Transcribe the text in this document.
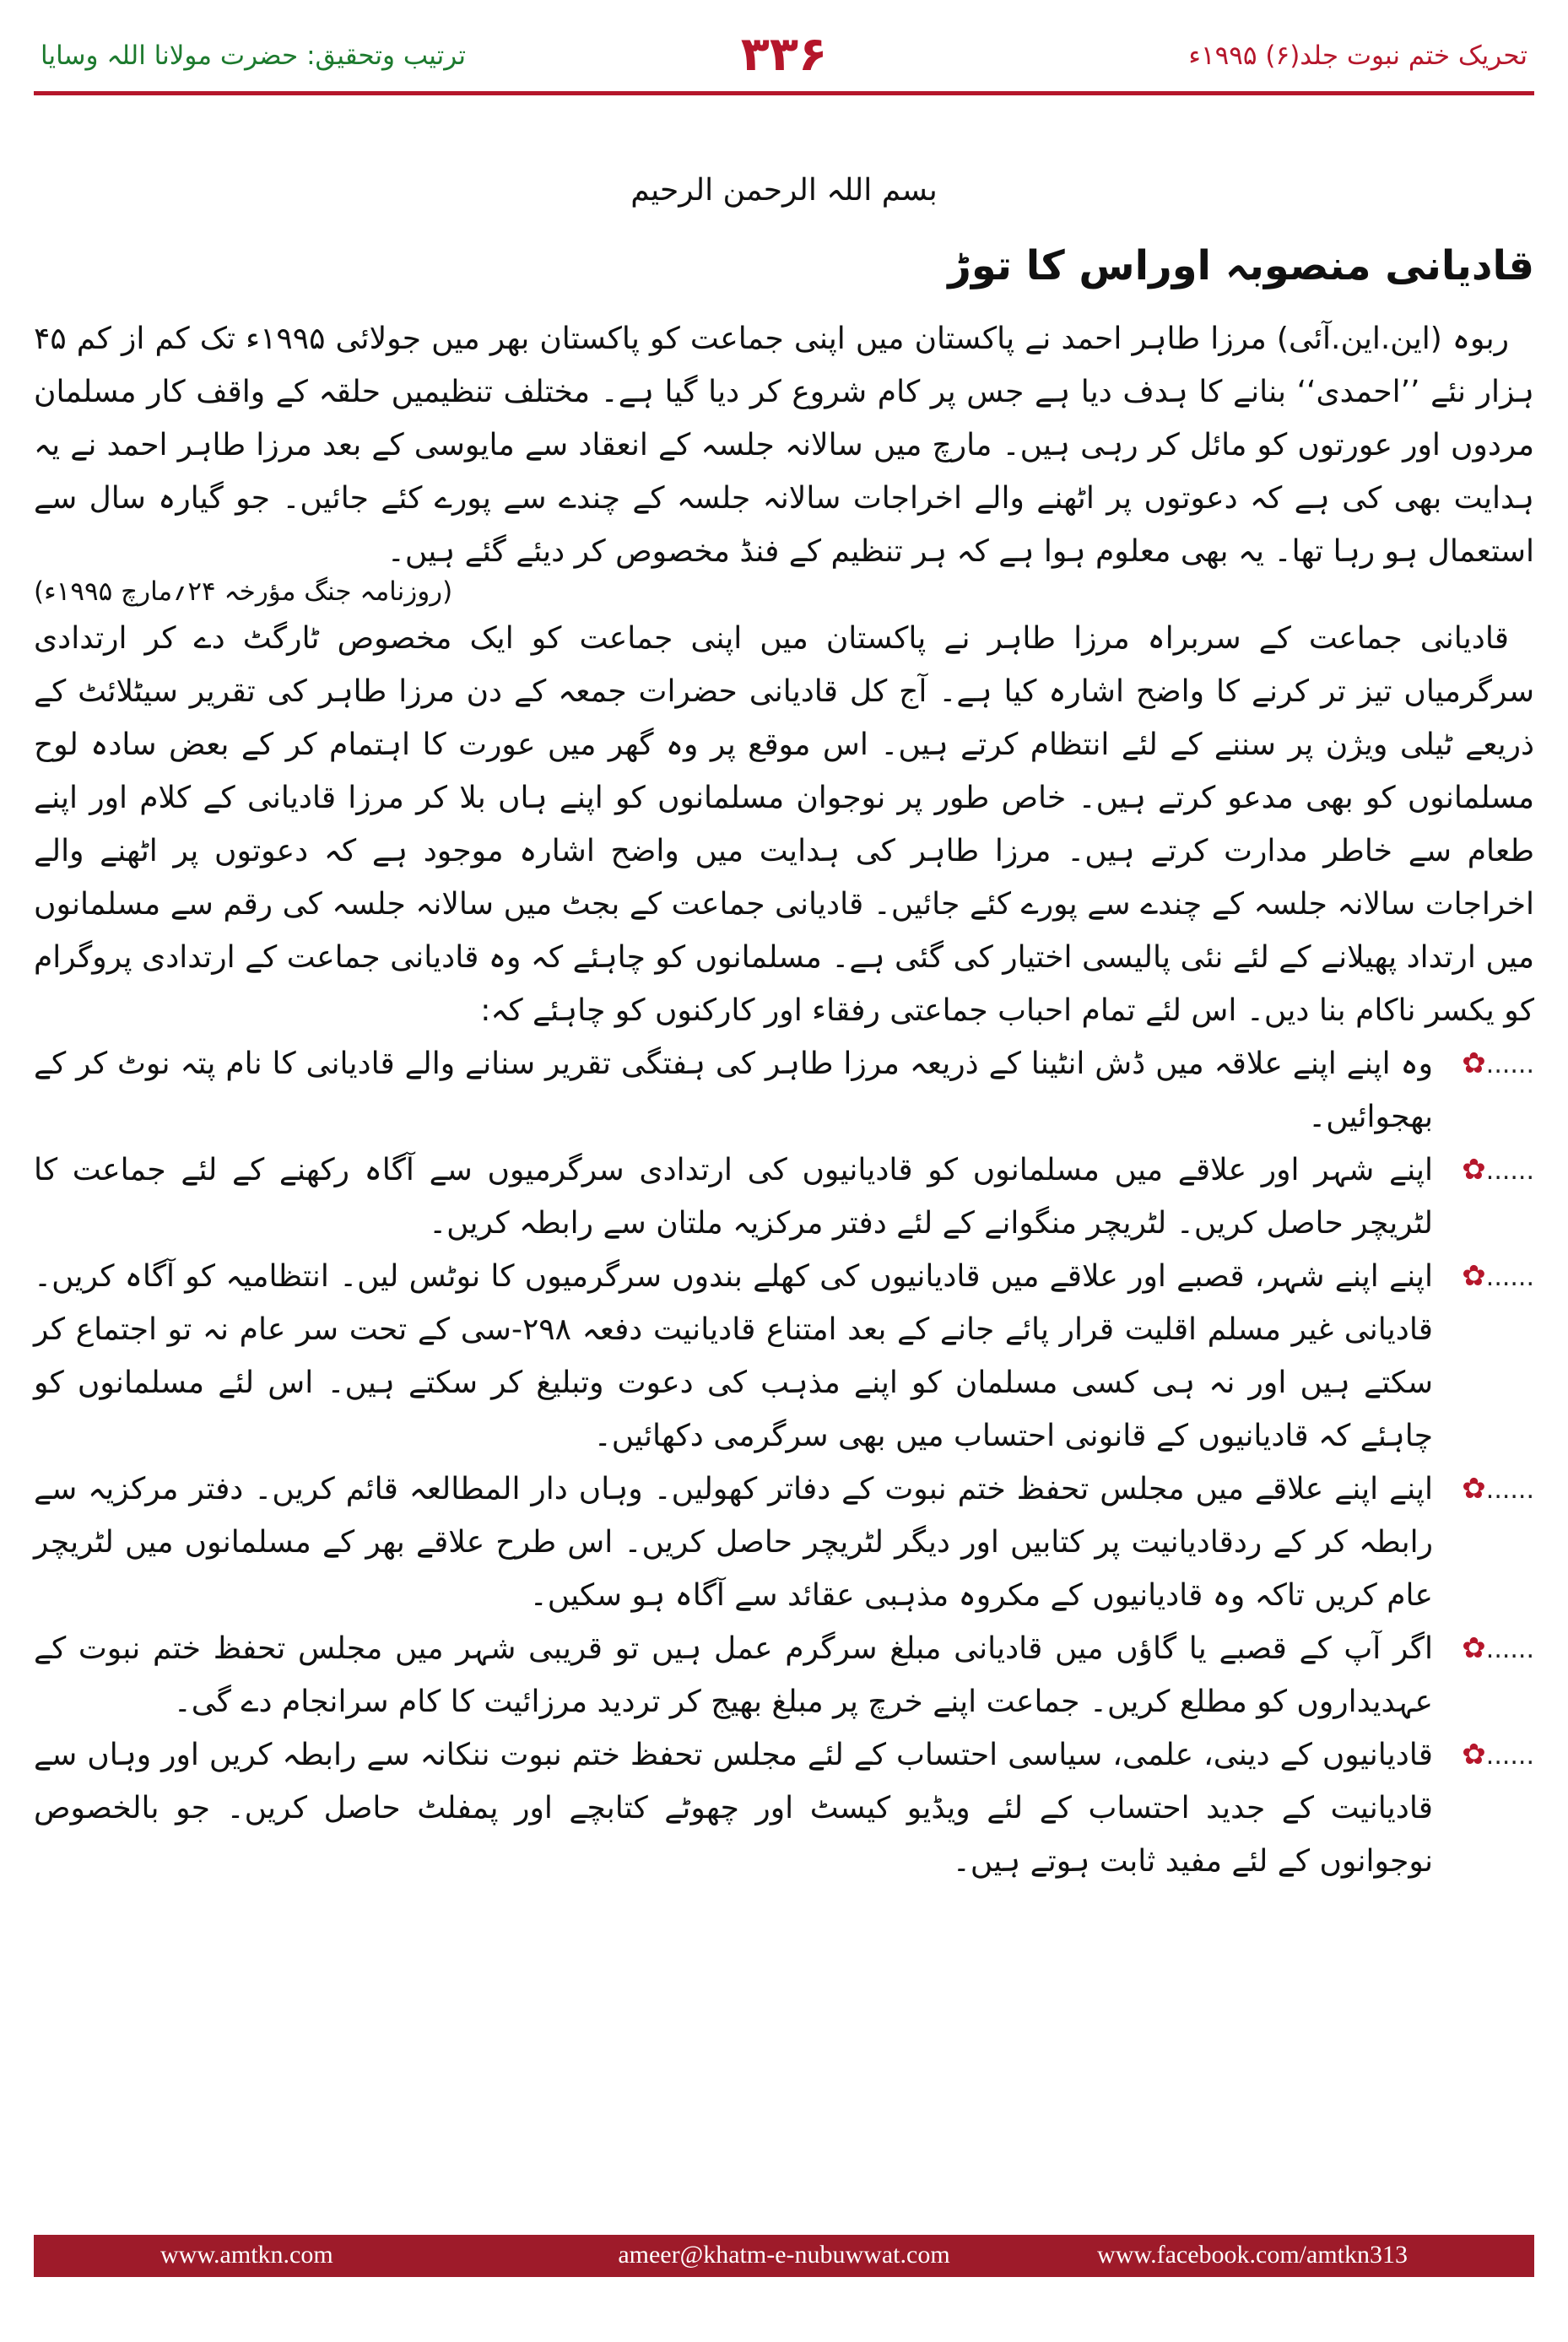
ترتیب وتحقیق: حضرت مولانا اللہ وسایا	۳۳۶	تحریک ختم نبوت جلد(۶) ۱۹۹۵ء
بسم اللہ الرحمن الرحیم
قادیانی منصوبہ اوراس کا توڑ

ربوہ (این.این.آئی) مرزا طاہر احمد نے پاکستان میں اپنی جماعت کو پاکستان بھر میں جولائی ۱۹۹۵ء تک کم از کم ۴۵ ہزار نئے ’’احمدی‘‘ بنانے کا ہدف دیا ہے جس پر کام شروع کر دیا گیا ہے۔ مختلف تنظیمیں حلقہ کے واقف کار مسلمان مردوں اور عورتوں کو مائل کر رہی ہیں۔ مارچ میں سالانہ جلسہ کے انعقاد سے مایوسی کے بعد مرزا طاہر احمد نے یہ ہدایت بھی کی ہے کہ دعوتوں پر اٹھنے والے اخراجات سالانہ جلسہ کے چندے سے پورے کئے جائیں۔ جو گیارہ سال سے استعمال ہو رہا تھا۔ یہ بھی معلوم ہوا ہے کہ ہر تنظیم کے فنڈ مخصوص کر دیئے گئے ہیں۔

(روزنامہ جنگ مؤرخہ ۲۴؍مارچ ۱۹۹۵ء)

قادیانی جماعت کے سربراہ مرزا طاہر نے پاکستان میں اپنی جماعت کو ایک مخصوص ٹارگٹ دے کر ارتدادی سرگرمیاں تیز تر کرنے کا واضح اشارہ کیا ہے۔ آج کل قادیانی حضرات جمعہ کے دن مرزا طاہر کی تقریر سیٹلائٹ کے ذریعے ٹیلی ویژن پر سننے کے لئے انتظام کرتے ہیں۔ اس موقع پر وہ گھر میں عورت کا اہتمام کر کے بعض سادہ لوح مسلمانوں کو بھی مدعو کرتے ہیں۔ خاص طور پر نوجوان مسلمانوں کو اپنے ہاں بلا کر مرزا قادیانی کے کلام اور اپنے طعام سے خاطر مدارت کرتے ہیں۔ مرزا طاہر کی ہدایت میں واضح اشارہ موجود ہے کہ دعوتوں پر اٹھنے والے اخراجات سالانہ جلسہ کے چندے سے پورے کئے جائیں۔ قادیانی جماعت کے بجٹ میں سالانہ جلسہ کی رقم سے مسلمانوں میں ارتداد پھیلانے کے لئے نئی پالیسی اختیار کی گئی ہے۔ مسلمانوں کو چاہئے کہ وہ قادیانی جماعت کے ارتدادی پروگرام کو یکسر ناکام بنا دیں۔ اس لئے تمام احباب جماعتی رفقاء اور کارکنوں کو چاہئے کہ:

✿......
وہ اپنے اپنے علاقہ میں ڈش انٹینا کے ذریعہ مرزا طاہر کی ہفتگی تقریر سنانے والے قادیانی کا نام پتہ نوٹ کر کے بھجوائیں۔
✿......
اپنے شہر اور علاقے میں مسلمانوں کو قادیانیوں کی ارتدادی سرگرمیوں سے آگاہ رکھنے کے لئے جماعت کا لٹریچر حاصل کریں۔ لٹریچر منگوانے کے لئے دفتر مرکزیہ ملتان سے رابطہ کریں۔
✿......
اپنے اپنے شہر، قصبے اور علاقے میں قادیانیوں کی کھلے بندوں سرگرمیوں کا نوٹس لیں۔ انتظامیہ کو آگاہ کریں۔ قادیانی غیر مسلم اقلیت قرار پائے جانے کے بعد امتناع قادیانیت دفعہ ۲۹۸-سی کے تحت سر عام نہ تو اجتماع کر سکتے ہیں اور نہ ہی کسی مسلمان کو اپنے مذہب کی دعوت وتبلیغ کر سکتے ہیں۔ اس لئے مسلمانوں کو چاہئے کہ قادیانیوں کے قانونی احتساب میں بھی سرگرمی دکھائیں۔
✿......
اپنے اپنے علاقے میں مجلس تحفظ ختم نبوت کے دفاتر کھولیں۔ وہاں دار المطالعہ قائم کریں۔ دفتر مرکزیہ سے رابطہ کر کے ردقادیانیت پر کتابیں اور دیگر لٹریچر حاصل کریں۔ اس طرح علاقے بھر کے مسلمانوں میں لٹریچر عام کریں تاکہ وہ قادیانیوں کے مکروہ مذہبی عقائد سے آگاہ ہو سکیں۔
✿......
اگر آپ کے قصبے یا گاؤں میں قادیانی مبلغ سرگرم عمل ہیں تو قریبی شہر میں مجلس تحفظ ختم نبوت کے عہدیداروں کو مطلع کریں۔ جماعت اپنے خرچ پر مبلغ بھیج کر تردید مرزائیت کا کام سرانجام دے گی۔
✿......
قادیانیوں کے دینی، علمی، سیاسی احتساب کے لئے مجلس تحفظ ختم نبوت ننکانہ سے رابطہ کریں اور وہاں سے قادیانیت کے جدید احتساب کے لئے ویڈیو کیسٹ اور چھوٹے کتابچے اور پمفلٹ حاصل کریں۔ جو بالخصوص نوجوانوں کے لئے مفید ثابت ہوتے ہیں۔
www.amtkn.com	ameer@khatm-e-nubuwwat.com	www.facebook.com/amtkn313
